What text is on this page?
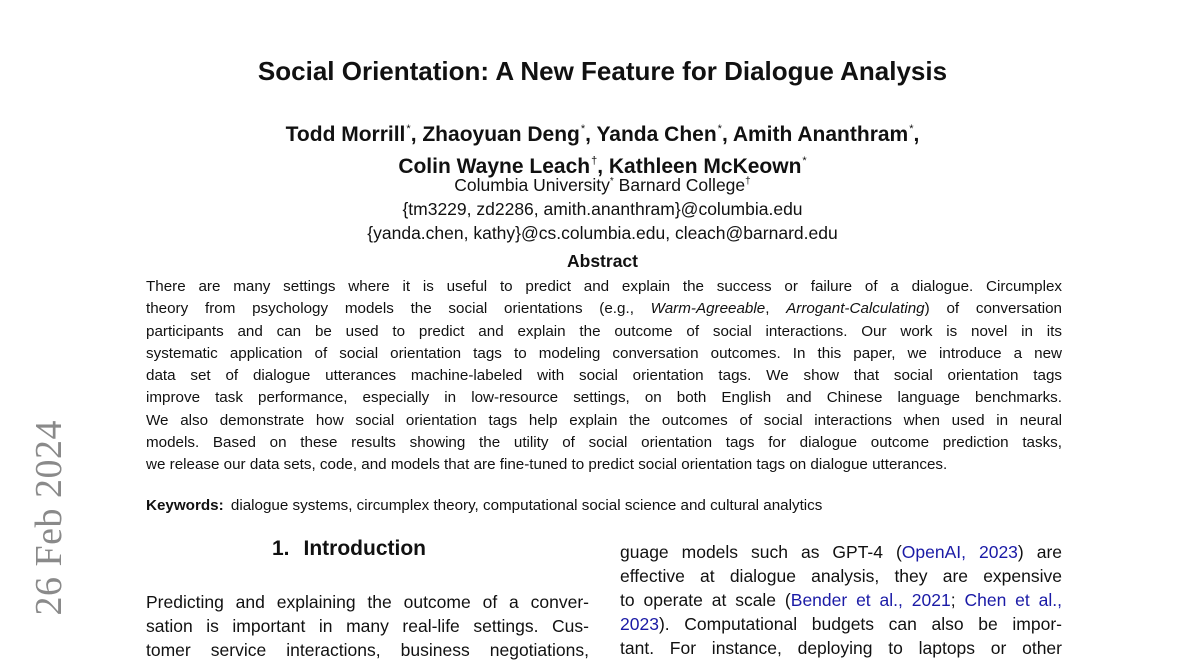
26 Feb 2024
Social Orientation: A New Feature for Dialogue Analysis
Todd Morrill*, Zhaoyuan Deng*, Yanda Chen*, Amith Ananthram*,
Colin Wayne Leach†, Kathleen McKeown*
Columbia University* Barnard College†
{tm3229, zd2286, amith.ananthram}@columbia.edu
{yanda.chen, kathy}@cs.columbia.edu, cleach@barnard.edu
Abstract
There are many settings where it is useful to predict and explain the success or failure of a dialogue. Circumplex
theory from psychology models the social orientations (e.g., Warm-Agreeable, Arrogant-Calculating) of conversation
participants and can be used to predict and explain the outcome of social interactions. Our work is novel in its
systematic application of social orientation tags to modeling conversation outcomes. In this paper, we introduce a new
data set of dialogue utterances machine-labeled with social orientation tags. We show that social orientation tags
improve task performance, especially in low-resource settings, on both English and Chinese language benchmarks.
We also demonstrate how social orientation tags help explain the outcomes of social interactions when used in neural
models. Based on these results showing the utility of social orientation tags for dialogue outcome prediction tasks,
we release our data sets, code, and models that are fine-tuned to predict social orientation tags on dialogue utterances.
Keywords: dialogue systems, circumplex theory, computational social science and cultural analytics
1. Introduction
Predicting and explaining the outcome of a conver-
sation is important in many real-life settings. Cus-
tomer service interactions, business negotiations,
guage models such as GPT-4 (OpenAI, 2023) are
effective at dialogue analysis, they are expensive
to operate at scale (Bender et al., 2021; Chen et al.,
2023). Computational budgets can also be impor-
tant. For instance, deploying to laptops or other
